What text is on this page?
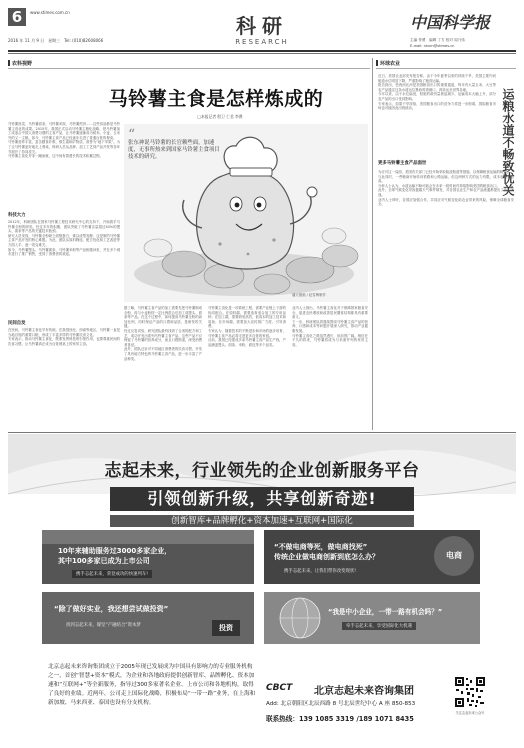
6	www.stimes.com.cn
2016 年 11 月 9 日　星期三　 Tel: (010)82608066
科研
RESEARCH
中国科学报
主编 佟勇　编辑 丁方 校对 周乃伟
E-mail: nkxm@stimes.cn
农科视野
马铃薯主食是怎样炼成的
□本报记者 殷卫 仁君 李赛
“
张东神说马铃薯的长官赖些面，加速度，无事所热来到国家马铃薯主食项目技术的研究。
潘天德画 / 赵雪梅制作

马铃薯饭菜，马铃薯面条，马铃薯米饭，马铃薯煎饼……这些食品都是马铃薯主食化的成果。2015年，我国正式启动马铃薯主粮化战略，把马铃薯加工成适合中国人消费习惯的主食产品，让马铃薯逐渐成为稻米、小麦、玉米外的又一主粮。如今，马铃薯主食产品已经逐步走进了普通百姓的餐桌。

马铃薯营养丰富，富含膳食纤维、维生素和矿物质，被誉为“地下苹果”。为了让马铃薯更好地走上餐桌，科研人员从品种、加工工艺到产品开发等各环节展开了协同攻关。

马铃薯主食化并非一蹴而就，这中间有着漫长的技术积累过程。

科技大力

2012年，科研团队在国家马铃薯工程技术研究中心的支持下，开始着手马铃薯全粉的研发。经过多年的积累，团队突破了马铃薯含量超过40%的馒头、面条等产品的关键技术瓶颈。

研究人员发现，马铃薯全粉缺乏面筋蛋白，难以成型发酵，这是制约马铃薯主食产品开发的核心难题。为此，团队从原料筛选、配方优化和工艺改进等方面入手，逐一攻克难关。

如今，马铃薯馒头、马铃薯面条、马铃薯米粉等产品相继问世，并在多个城市进行了推广销售，受到了消费者的欢迎。

民间自发

在民间，马铃薯主食化早有传统。在我国西北、西南等地区，马铃薯一直是当地百姓的重要口粮，形成了丰富多样的马铃薯饮食文化。

专家表示，推动马铃薯主食化，既要发挥科技的引领作用，也要尊重民间的饮食习惯，让马铃薯真正成为百姓餐桌上的家常主食。

据了解，马铃薯主食产品的加工需要先把马铃薯制成全粉，再与小麦粉按一定比例混合后加工成馒头、面条等产品。在这个过程中，如何提高马铃薯全粉的添加比例，同时保证产品的口感和品质，是研发的关键。

经过反复试验，研究团队最终找到了合适的配方和工艺，成功开发出系列马铃薯主食产品。这些产品不仅保留了马铃薯的营养成分，而且口感筋道，深受消费者喜爱。

此外，团队还针对不同地区消费者的饮食习惯，开发了具有地方特色的马铃薯主食产品，进一步丰富了产品种类。

马铃薯主食化是一项系统工程，需要产业链上下游的协同配合。在原料端，需要选育适合加工的专用品种；在加工端，需要研发高效、低成本的加工技术和装备；在市场端，需要加大宣传推广力度，引导消费。

专家认为，随着技术的不断进步和市场的逐步培育，马铃薯主食产品必将走进更多百姓的家庭。

目前，我国已经建成多条马铃薯主食产品生产线，产品涵盖馒头、面条、米粉、面包等多个品类。

业内人士指出，马铃薯主食化对于保障国家粮食安全、促进农民增收和改善居民膳食结构都具有重要意义。

下一步，科研团队将继续围绕马铃薯主食产品的营养、口感和成本等问题开展深入研究，推动产业健康发展。

马铃薯主食化之路虽然漫长，但前景广阔。相信在不久的将来，马铃薯将成为与米面并列的家常主食。

环球农业
运粮水道不畅致忧关

近日，美国农业部发布报告称，由于今年夏季以来的持续干旱，美国主要内河航道水位明显下降，严重影响了粮食运输。

报告指出，密西西比河是美国粮食出口的重要通道，每年有大量玉米、大豆等农产品通过这条水道运往墨西哥湾港口，再转运至世界各地。

今年以来，由于水位偏低，驳船的载货量被迫减少，运输成本大幅上升，部分农产品的出口受到影响。

专家表示，如果干旱持续，美国粮食出口的竞争力将进一步削弱，国际粮食市场也可能因此出现波动。

更多马铃薯主食产品面世

为应对这一局面，美国有关部门已经开始采取疏浚航道等措施，以保障粮食运输的畅通。

与此同时，一些粮商开始转向铁路和公路运输，但这两种方式的运力有限，成本也相对较高。

分析人士认为，水道运输不畅可能会在未来一段时间内持续影响美国的粮食出口。

此外，全球气候变化导致极端天气事件频发，对各国农业生产和农产品流通都提出了新的挑战。

业内人士呼吁，各国应加强合作，共同应对气候变化给农业带来的风险，保障全球粮食安全。

志起未来，行业领先的企业创新服务平台
引领创新升级，共享创新奇迹!
创新智库+品牌孵化+资本加速+互联网+国际化
10年来辅助服务过3000多家企业，
其中100多家已成为上市公司
携手志起未来，荣登成功的快速列车!
“不做电商等死，做电商找死”
传统企业做电商创新到底怎么办？
携手志起未来，让我们带你改变现状!
电商
“除了做好实业，我还想尝试做投资”
找到志起未来，嫁坚“产融结合”资本梦	投资
“我是中小企业，一带一路有机会吗？”
牵手志起未来，享受国际化大机遇
北京志起未来咨询集团成立于2005年现已发展成为中国具有影响力的专业服务机构之一，首创“智慧+资本”模式，为企业和各地政府提供创新智库、品牌孵化、资本加速和“互联网+”等全新服务，指导过300多家著名企业、上市公司和各地机构，取得了良好的业绩。近两年，公司走上国际化战略，积极布局“一带一路”业务，在上海和新加坡、马来西亚、泰国也设有分支机构。
CBCT 北京志起未来咨询集团
Add: 北京朝阳区北辰西路 8 号北辰世纪中心 A 座 850-853
联系热线：139 1085 3319 /189 1071 8435
关注志起未来公众号
